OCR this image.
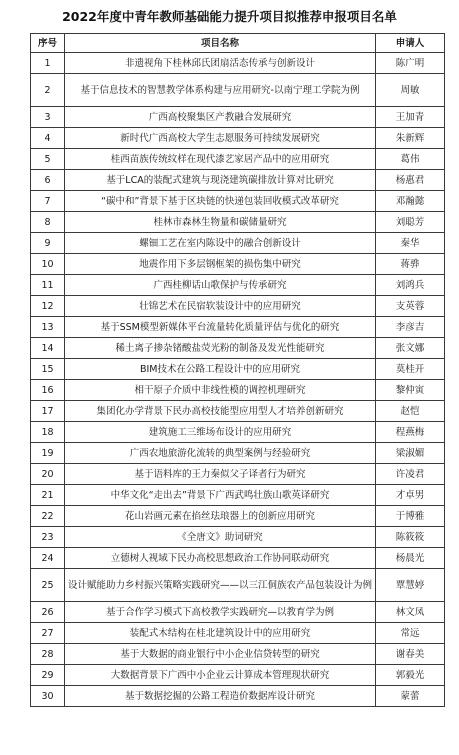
2022年度中青年教师基础能力提升项目拟推荐申报项目名单
序号	项目名称	申请人
1	非遗视角下桂林邱氏团扇活态传承与创新设计	陈广明
2	基于信息技术的智慧教学体系构建与应用研究-以南宁理工学院为例	周敏
3	广西高校聚集区产教融合发展研究	王加青
4	新时代广西高校大学生志愿服务可持续发展研究	朱新辉
5	桂西苗族传统纹样在现代漆艺家居产品中的应用研究	葛伟
6	基于LCA的装配式建筑与现浇建筑碳排放计算对比研究	杨惠君
7	“碳中和”背景下基于区块链的快递包装回收模式改革研究	邓瀚懿
8	桂林市森林生物量和碳储量研究	刘聪芳
9	螺钿工艺在室内陈设中的融合创新设计	秦华
10	地震作用下多层钢框架的损伤集中研究	蒋骅
11	广西桂柳话山歌保护与传承研究	刘鸿兵
12	壮锦艺术在民宿软装设计中的应用研究	支英蓉
13	基于SSM模型新媒体平台流量转化质量评估与优化的研究	李彦吉
14	稀土离子掺杂锗酸盐荧光粉的制备及发光性能研究	张文娜
15	BIM技术在公路工程设计中的应用研究	莫桂开
16	相干原子介质中非线性模的调控机理研究	黎仲寅
17	集团化办学背景下民办高校技能型应用型人才培养创新研究	赵恺
18	建筑施工三维场布设计的应用研究	程燕梅
19	广西农地旅游化流转的典型案例与经验研究	梁淑媚
20	基于语料库的王力秦似父子译者行为研究	许凌君
21	中华文化“走出去”背景下广西武鸣壮族山歌英译研究	才卓男
22	花山岩画元素在掐丝珐琅器上的创新应用研究	于博雅
23	《全唐文》助词研究	陈筱筱
24	立德树人视域下民办高校思想政治工作协同联动研究	杨晨光
25	设计赋能助力乡村振兴策略实践研究——以三江侗族农产品包装设计为例	覃慧婷
26	基于合作学习模式下高校教学实践研究—以教育学为例	林文凤
27	装配式木结构在桂北建筑设计中的应用研究	常远
28	基于大数据的商业银行中小企业信贷转型的研究	谢春美
29	大数据背景下广西中小企业云计算成本管理现状研究	郭毅光
30	基于数据挖掘的公路工程造价数据库设计研究	蒙蕾
